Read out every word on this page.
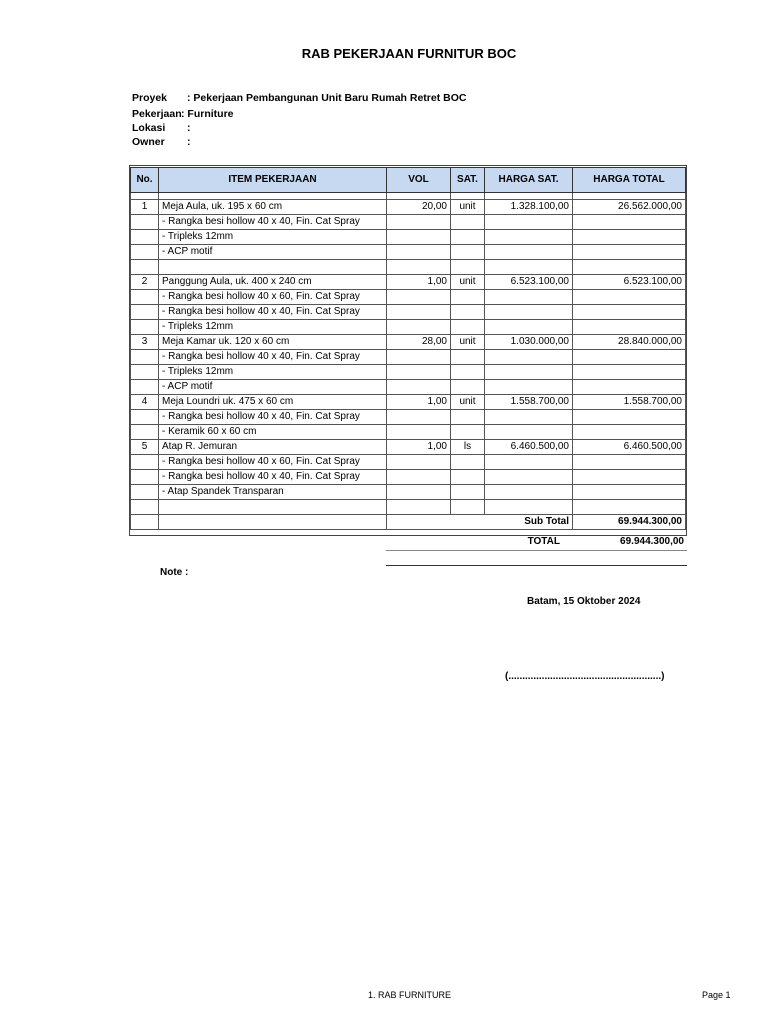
RAB PEKERJAAN FURNITUR BOC
Proyek : Pekerjaan Pembangunan Unit Baru Rumah Retret BOC
Pekerjaan : Furniture
Lokasi :
Owner :
No.	ITEM PEKERJAAN	VOL	SAT.	HARGA SAT.	HARGA TOTAL

1	Meja Aula, uk. 195 x 60 cm	20,00	unit	1.328.100,00	26.562.000,00
	- Rangka besi hollow 40 x 40, Fin. Cat Spray				
	- Tripleks 12mm				
	- ACP motif				

2	Panggung Aula, uk. 400 x 240 cm	1,00	unit	6.523.100,00	6.523.100,00
	- Rangka besi hollow 40 x 60, Fin. Cat Spray				
	- Rangka besi hollow 40 x 40, Fin. Cat Spray				
	- Tripleks 12mm				
3	Meja Kamar uk. 120 x 60 cm	28,00	unit	1.030.000,00	28.840.000,00
	- Rangka besi hollow 40 x 40, Fin. Cat Spray				
	- Tripleks 12mm				
	- ACP motif				
4	Meja Loundri uk. 475 x 60 cm	1,00	unit	1.558.700,00	1.558.700,00
	- Rangka besi hollow 40 x 40, Fin. Cat Spray				
	- Keramik 60 x 60 cm				
5	Atap R. Jemuran	1,00	ls	6.460.500,00	6.460.500,00
	- Rangka besi hollow 40 x 60, Fin. Cat Spray				
	- Rangka besi hollow 40 x 40, Fin. Cat Spray				
	- Atap Spandek Transparan				

		Sub Total			69.944.300,00
TOTAL	69.944.300,00
Note :
Batam, 15 Oktober 2024
(.......................................................)
1. RAB FURNITURE	Page 1
